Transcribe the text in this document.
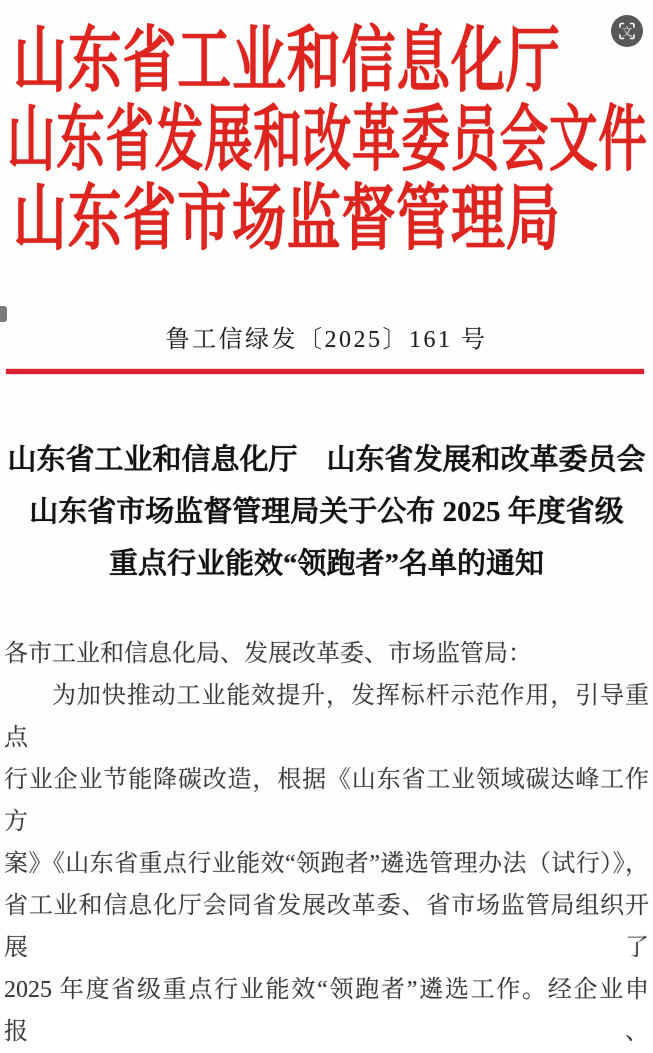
文
山东省工业和信息化厅
山东省发展和改革委员会文件
山东省市场监督管理局
鲁工信绿发〔2025〕161 号
山东省工业和信息化厅　山东省发展和改革委员会
山东省市场监督管理局关于公布 2025 年度省级
重点行业能效“领跑者”名单的通知
各市工业和信息化局、发展改革委、市场监管局：
为加快推动工业能效提升，发挥标杆示范作用，引导重点
行业企业节能降碳改造，根据《山东省工业领域碳达峰工作方
案》《山东省重点行业能效“领跑者”遴选管理办法（试行）》，
省工业和信息化厅会同省发展改革委、省市场监管局组织开展了
2025 年度省级重点行业能效“领跑者”遴选工作。经企业申报、
